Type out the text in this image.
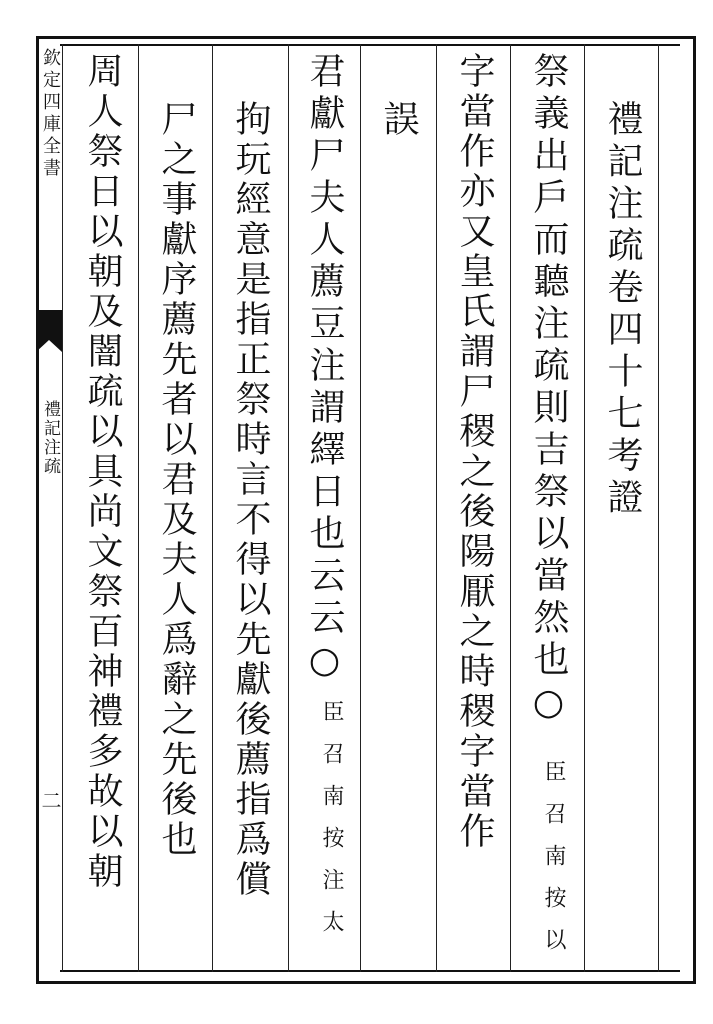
欽定四庫全書
禮記注疏
二
禮記注疏卷四十七考證
祭義出戶而聽注疏則吉祭以當然也○
臣召南按以
字當作亦又皇氏謂尸稷之後陽厭之時稷字當作
誤
君獻尸夫人薦豆注謂繹日也云云○
臣召南按注太
拘玩經意是指正祭時言不得以先獻後薦指爲償
尸之事獻序薦先者以君及夫人爲辭之先後也
周人祭日以朝及闇疏以具尚文祭百神禮多故以朝
